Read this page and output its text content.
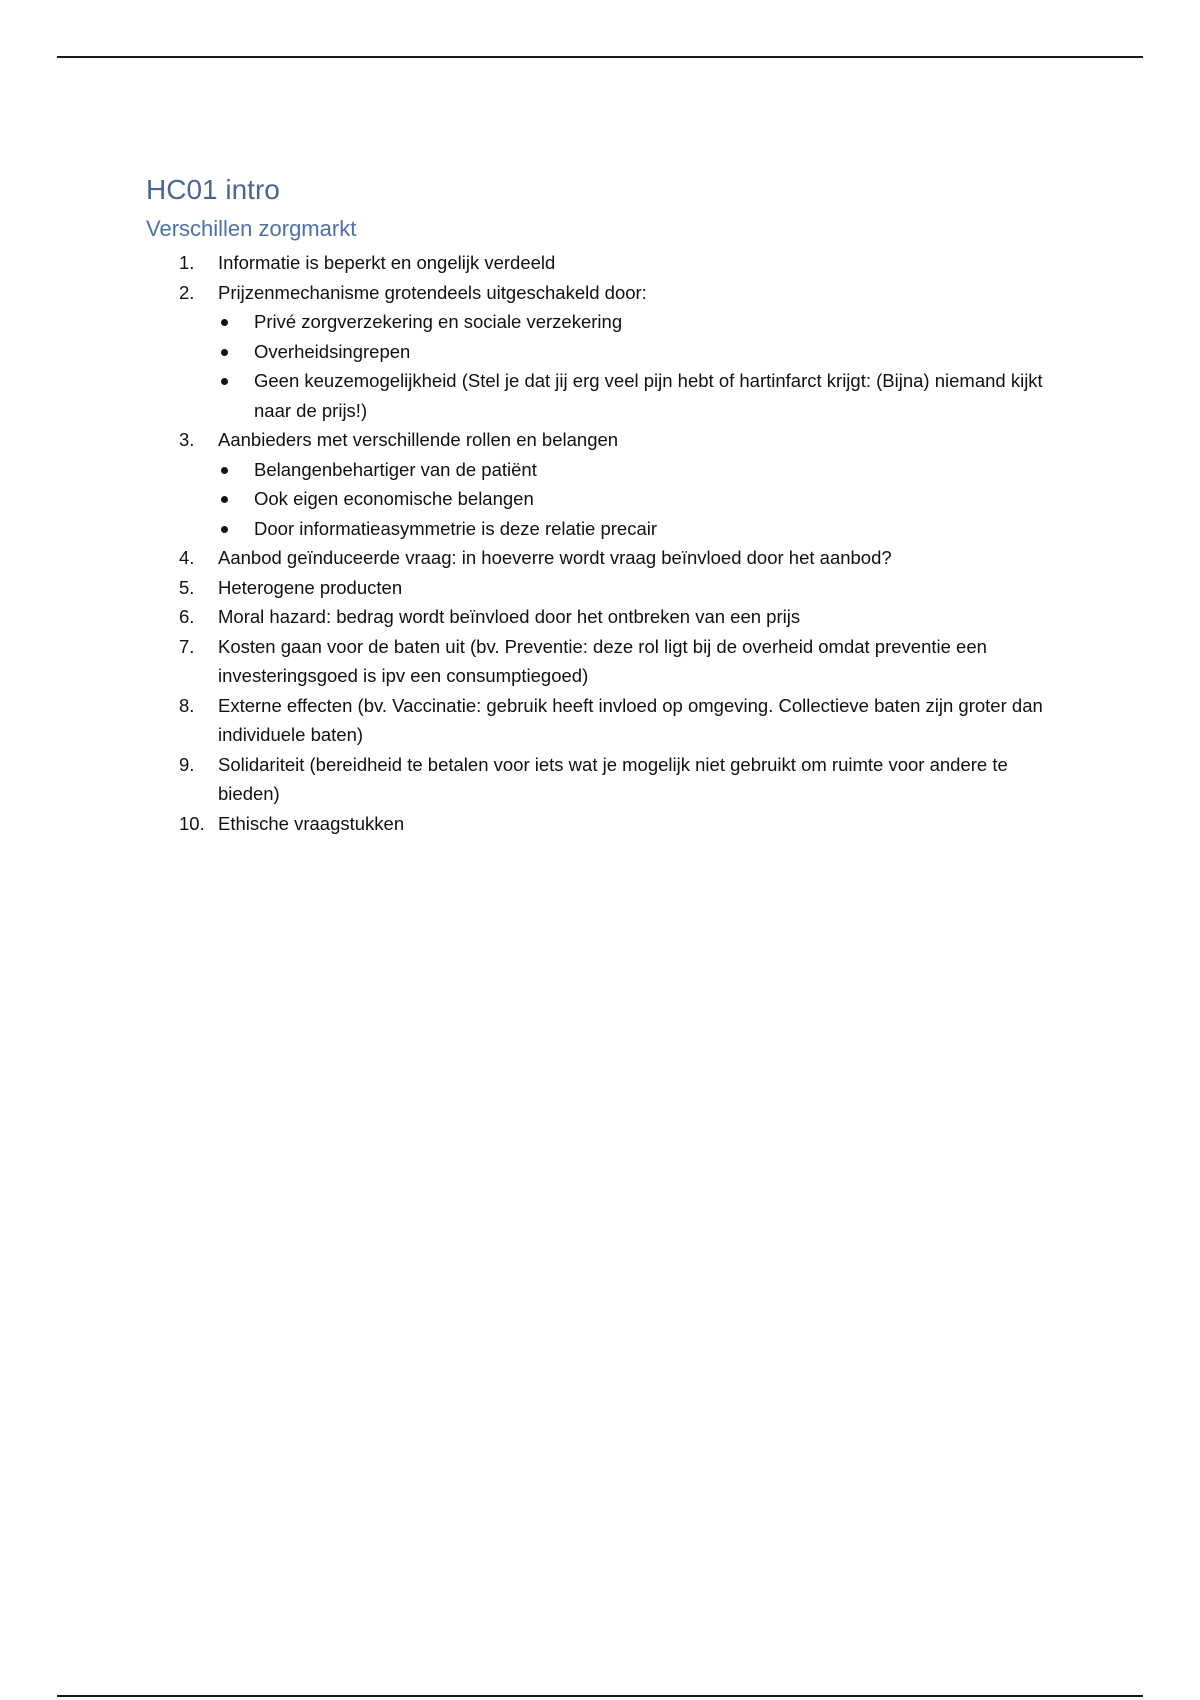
HC01 intro
Verschillen zorgmarkt
1. Informatie is beperkt en ongelijk verdeeld
2. Prijzenmechanisme grotendeels uitgeschakeld door:
Privé zorgverzekering en sociale verzekering
Overheidsingrepen
Geen keuzemogelijkheid (Stel je dat jij erg veel pijn hebt of hartinfarct krijgt: (Bijna) niemand kijkt naar de prijs!)
3. Aanbieders met verschillende rollen en belangen
Belangenbehartiger van de patiënt
Ook eigen economische belangen
Door informatieasymmetrie is deze relatie precair
4. Aanbod geïnduceerde vraag: in hoeverre wordt vraag beïnvloed door het aanbod?
5. Heterogene producten
6. Moral hazard: bedrag wordt beïnvloed door het ontbreken van een prijs
7. Kosten gaan voor de baten uit (bv. Preventie: deze rol ligt bij de overheid omdat preventie een investeringsgoed is ipv een consumptiegoed)
8. Externe effecten (bv. Vaccinatie: gebruik heeft invloed op omgeving. Collectieve baten zijn groter dan individuele baten)
9. Solidariteit (bereidheid te betalen voor iets wat je mogelijk niet gebruikt om ruimte voor andere te bieden)
10. Ethische vraagstukken
